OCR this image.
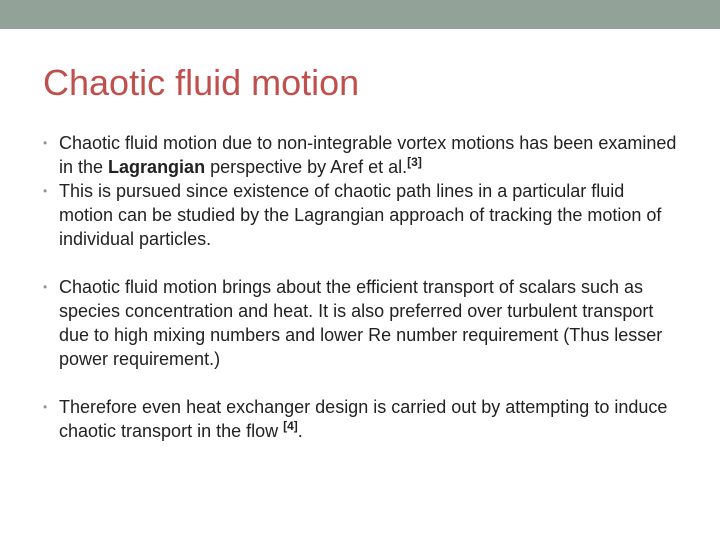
Chaotic fluid motion
• Chaotic fluid motion due to non-integrable vortex motions has been examined in the Lagrangian perspective by Aref et al.[3]
• This is pursued since existence of chaotic path lines in a particular fluid motion can be studied by the Lagrangian approach of tracking the motion of individual particles.
• Chaotic fluid motion brings about the efficient transport of scalars such as species concentration and heat. It is also preferred over turbulent transport due to high mixing numbers and lower Re number requirement (Thus lesser power requirement.)
• Therefore even heat exchanger design is carried out by attempting to induce chaotic transport in the flow [4].
